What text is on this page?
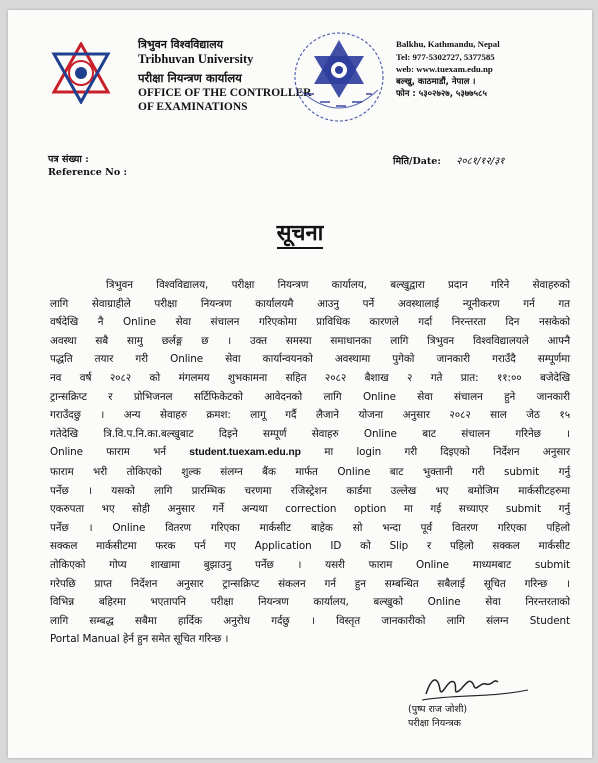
त्रिभुवन विश्वविद्यालय
Tribhuvan University
परीक्षा नियन्त्रण कार्यालय
OFFICE OF THE CONTROLLER
OF EXAMINATIONS
Balkhu, Kathmandu, Nepal
Tel: 977-5302727, 5377585
web: www.tuexam.edu.np
बल्खु, काठमाडौं, नेपाल ।
फोन : ५३०२७२७, ५३७७५८५
पत्र संख्या :
Reference No :
मिति/Date: २०८१/१२/३१
सूचना
त्रिभुवन विश्वविद्यालय, परीक्षा नियन्त्रण कार्यालय, बल्खुद्वारा प्रदान गरिने सेवाहरुको
लागि सेवाग्राहीले परीक्षा नियन्त्रण कार्यालयमै आउनु पर्ने अवस्थालाई न्यूनीकरण गर्न गत
वर्षदेखि नै Online सेवा संचालन गरिएकोमा प्राविधिक कारणले गर्दा निरन्तरता दिन नसकेको
अवस्था सबै सामु छर्लङ्ग छ । उक्त समस्या समाधानका लागि त्रिभुवन विश्वविद्यालयले आफ्नै
पद्धति तयार गरी Online सेवा कार्यान्वयनको अवस्थामा पुगेको जानकारी गराउँदै सम्पूर्णमा
नव वर्ष २०८२ को मंगलमय शुभकामना सहित २०८२ बैशाख २ गते प्रात: ११:०० बजेदेखि
ट्रान्सक्रिप्ट र प्रोभिजनल सर्टिफिकेटको आवेदनको लागि Online सेवा संचालन हुने जानकारी
गराउँदछु । अन्य सेवाहरु क्रमश: लागू गर्दै लैजाने योजना अनुसार २०८२ साल जेठ १५
गतेदेखि त्रि.वि.प.नि.का.बल्खुबाट दिइने सम्पूर्ण सेवाहरु Online बाट संचालन गरिनेछ ।
Online फाराम भर्न student.tuexam.edu.np मा login गरी दिइएको निर्देशन अनुसार
फाराम भरी तोकिएको शुल्क संलग्न बैंक मार्फत Online बाट भुक्तानी गरी submit गर्नु
पर्नेछ । यसको लागि प्रारम्भिक चरणमा रजिस्ट्रेशन कार्डमा उल्लेख भए बमोजिम मार्कसीटहरुमा
एकरुपता भए सोही अनुसार गर्ने अन्यथा correction option मा गई सच्याएर submit गर्नु
पर्नेछ । Online वितरण गरिएका मार्कसीट बाहेक सो भन्दा पूर्व वितरण गरिएका पहिलो
सक्कल मार्कसीटमा फरक पर्न गए Application ID को Slip र पहिलो सक्कल मार्कसीट
तोकिएको गोप्य शाखामा बुझाउनु पर्नेछ । यसरी फाराम Online माध्यमबाट submit
गरेपछि प्राप्त निर्देशन अनुसार ट्रान्सक्रिप्ट संकलन गर्न हुन सम्बन्धित सबैलाई सूचित गरिन्छ ।
विभिन्न बहिरमा भएतापनि परीक्षा नियन्त्रण कार्यालय, बल्खुको Online सेवा निरन्तरताको
लागि सम्बद्ध सबैमा हार्दिक अनुरोध गर्दछु । विस्तृत जानकारीको लागि संलग्न Student
Portal Manual हेर्न हुन समेत सूचित गरिन्छ ।
(पुष्प राज जोशी)
परीक्षा नियन्त्रक
